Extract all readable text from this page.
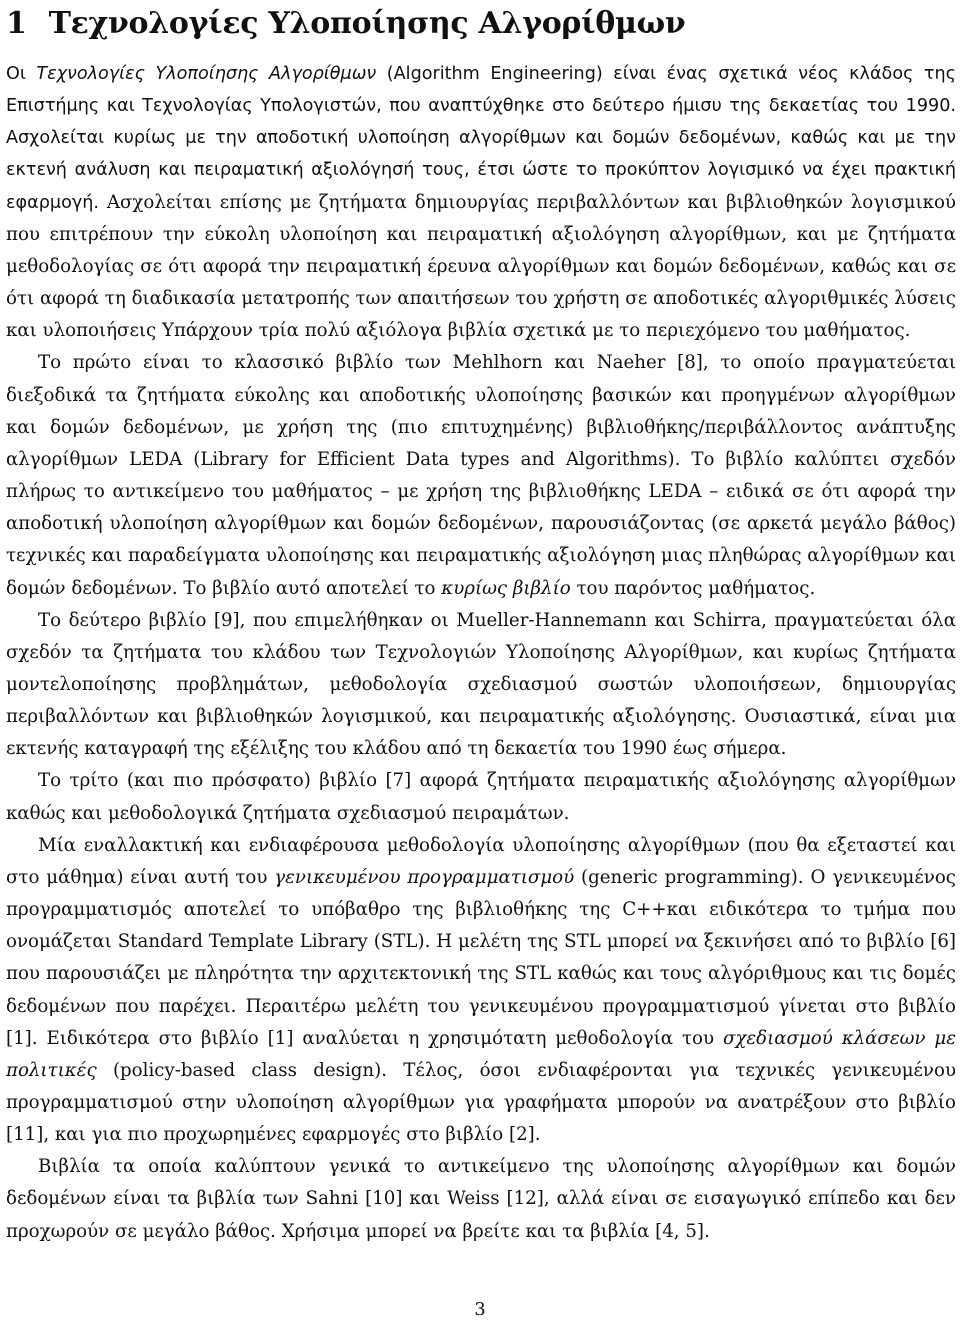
1 Τεχνολογίες Υλοποίησης Αλγορίθμων

Οι Τεχνολογίες Υλοποίησης Αλγορίθμων (Algorithm Engineering) είναι ένας σχετικά νέος κλάδος της Επιστήμης και Τεχνολογίας Υπολογιστών, που αναπτύχθηκε στο δεύτερο ήμισυ της δεκαετίας του 1990. Ασχολείται κυρίως με την αποδοτική υλοποίηση αλγορίθμων και δομών δεδομένων, καθώς και με την εκτενή ανάλυση και πειραματική αξιολόγησή τους, έτσι ώστε το προκύπτον λογισμικό να έχει πρακτική εφαρμογή. Ασχολείται επίσης με ζητήματα δημιουργίας περιβαλλόντων και βιβλιοθηκών λογισμικού που επιτρέπουν την εύκολη υλοποίηση και πειραματική αξιολόγηση αλγορίθμων, και με ζητήματα μεθοδολογίας σε ότι αφορά την πειραματική έρευνα αλγορίθμων και δομών δεδομένων, καθώς και σε ότι αφορά τη διαδικασία μετατροπής των απαιτήσεων του χρήστη σε αποδοτικές αλγοριθμικές λύσεις και υλοποιήσεις Υπάρχουν τρία πολύ αξιόλογα βιβλία σχετικά με το περιεχόμενο του μαθήματος.

Το πρώτο είναι το κλασσικό βιβλίο των Mehlhorn και Naeher [8], το οποίο πραγματεύεται διεξοδικά τα ζητήματα εύκολης και αποδοτικής υλοποίησης βασικών και προηγμένων αλγορίθμων και δομών δεδομένων, με χρήση της (πιο επιτυχημένης) βιβλιοθήκης/περιβάλλοντος ανάπτυξης αλγορίθμων LEDA (Library for Efficient Data types and Algorithms). Το βιβλίο καλύπτει σχεδόν πλήρως το αντικείμενο του μαθήματος – με χρήση της βιβλιοθήκης LEDA – ειδικά σε ότι αφορά την αποδοτική υλοποίηση αλγορίθμων και δομών δεδομένων, παρουσιάζοντας (σε αρκετά μεγάλο βάθος) τεχνικές και παραδείγματα υλοποίησης και πειραματικής αξιολόγηση μιας πληθώρας αλγορίθμων και δομών δεδομένων. Το βιβλίο αυτό αποτελεί το κυρίως βιβλίο του παρόντος μαθήματος.

Το δεύτερο βιβλίο [9], που επιμελήθηκαν οι Mueller-Hannemann και Schirra, πραγματεύεται όλα σχεδόν τα ζητήματα του κλάδου των Τεχνολογιών Υλοποίησης Αλγορίθμων, και κυρίως ζητήματα μοντελοποίησης προβλημάτων, μεθοδολογία σχεδιασμού σωστών υλοποιήσεων, δημιουργίας περιβαλλόντων και βιβλιοθηκών λογισμικού, και πειραματικής αξιολόγησης. Ουσιαστικά, είναι μια εκτενής καταγραφή της εξέλιξης του κλάδου από τη δεκαετία του 1990 έως σήμερα.

Το τρίτο (και πιο πρόσφατο) βιβλίο [7] αφορά ζητήματα πειραματικής αξιολόγησης αλγορίθμων καθώς και μεθοδολογικά ζητήματα σχεδιασμού πειραμάτων.

Μία εναλλακτική και ενδιαφέρουσα μεθοδολογία υλοποίησης αλγορίθμων (που θα εξεταστεί και στο μάθημα) είναι αυτή του γενικευμένου προγραμματισμού (generic programming). Ο γενικευμένος προγραμματισμός αποτελεί το υπόβαθρο της βιβλιοθήκης της C++και ειδικότερα το τμήμα που ονομάζεται Standard Template Library (STL). Η μελέτη της STL μπορεί να ξεκινήσει από το βιβλίο [6] που παρουσιάζει με πληρότητα την αρχιτεκτονική της STL καθώς και τους αλγόριθμους και τις δομές δεδομένων που παρέχει. Περαιτέρω μελέτη του γενικευμένου προγραμματισμού γίνεται στο βιβλίο [1]. Ειδικότερα στο βιβλίο [1] αναλύεται η χρησιμότατη μεθοδολογία του σχεδιασμού κλάσεων με πολιτικές (policy-based class design). Τέλος, όσοι ενδιαφέρονται για τεχνικές γενικευμένου προγραμματισμού στην υλοποίηση αλγορίθμων για γραφήματα μπορούν να ανατρέξουν στο βιβλίο [11], και για πιο προχωρημένες εφαρμογές στο βιβλίο [2].

Βιβλία τα οποία καλύπτουν γενικά το αντικείμενο της υλοποίησης αλγορίθμων και δομών δεδομένων είναι τα βιβλία των Sahni [10] και Weiss [12], αλλά είναι σε εισαγωγικό επίπεδο και δεν προχωρούν σε μεγάλο βάθος. Χρήσιμα μπορεί να βρείτε και τα βιβλία [4, 5].

3
